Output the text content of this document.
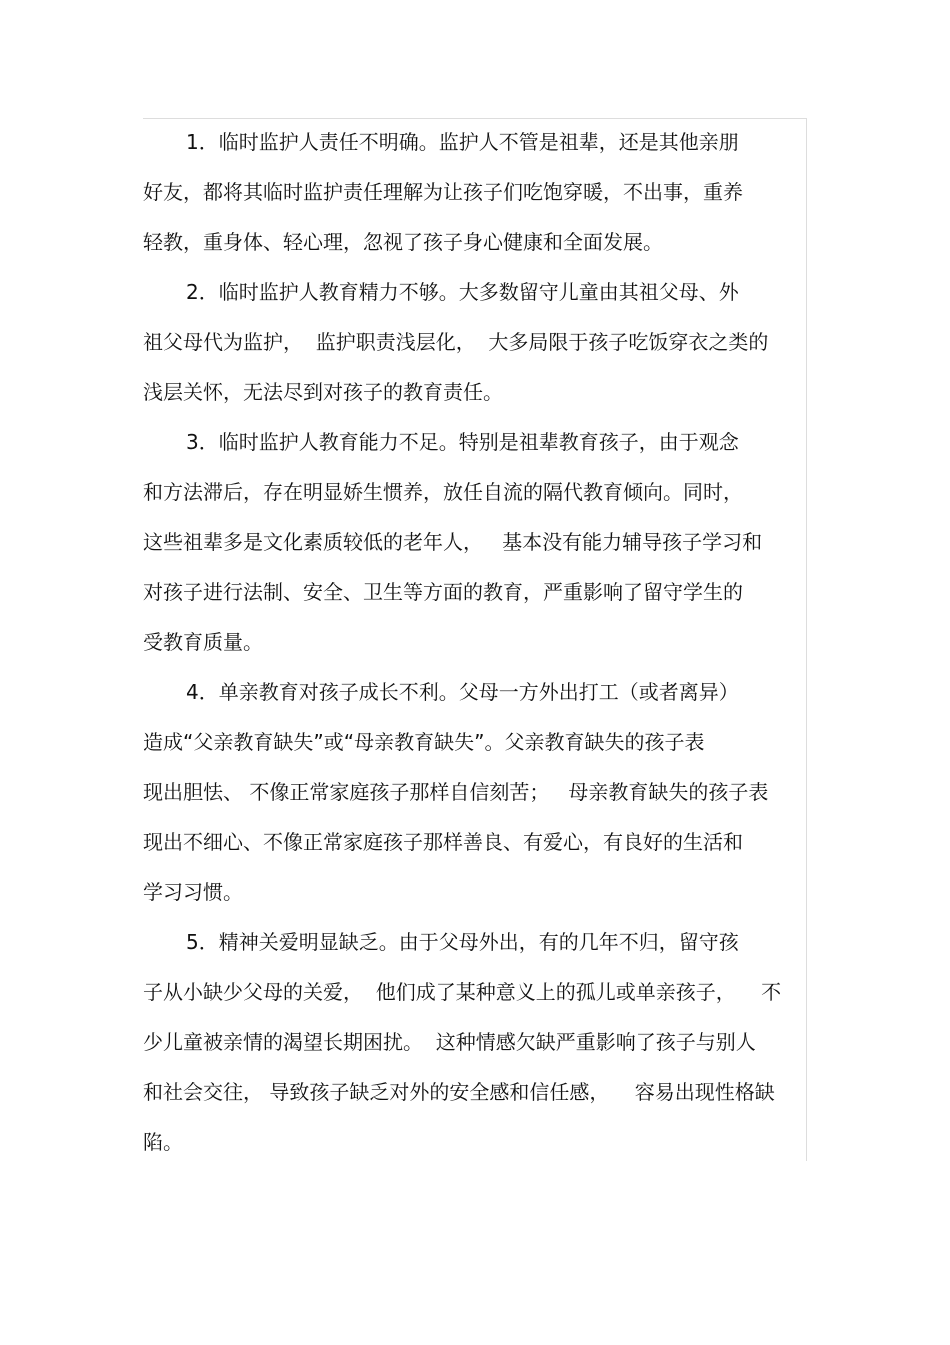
1．临时监护人责任不明确。监护人不管是祖辈，还是其他亲朋
好友，都将其临时监护责任理解为让孩子们吃饱穿暖，不出事，重养
轻教，重身体、轻心理，忽视了孩子身心健康和全面发展。
2．临时监护人教育精力不够。大多数留守儿童由其祖父母、外
祖父母代为监护，  监护职责浅层化，  大多局限于孩子吃饭穿衣之类的
浅层关怀，无法尽到对孩子的教育责任。
3．临时监护人教育能力不足。特别是祖辈教育孩子，由于观念
和方法滞后，存在明显娇生惯养，放任自流的隔代教育倾向。同时，
这些祖辈多是文化素质较低的老年人，   基本没有能力辅导孩子学习和
对孩子进行法制、安全、卫生等方面的教育，严重影响了留守学生的
受教育质量。
4．单亲教育对孩子成长不利。父母一方外出打工（或者离异）
造成“父亲教育缺失”或“母亲教育缺失”。父亲教育缺失的孩子表
现出胆怯、 不像正常家庭孩子那样自信刻苦；   母亲教育缺失的孩子表
现出不细心、不像正常家庭孩子那样善良、有爱心，有良好的生活和
学习习惯。
5．精神关爱明显缺乏。由于父母外出，有的几年不归，留守孩
子从小缺少父母的关爱，  他们成了某种意义上的孤儿或单亲孩子，    不
少儿童被亲情的渴望长期困扰。  这种情感欠缺严重影响了孩子与别人
和社会交往， 导致孩子缺乏对外的安全感和信任感，    容易出现性格缺
陷。
